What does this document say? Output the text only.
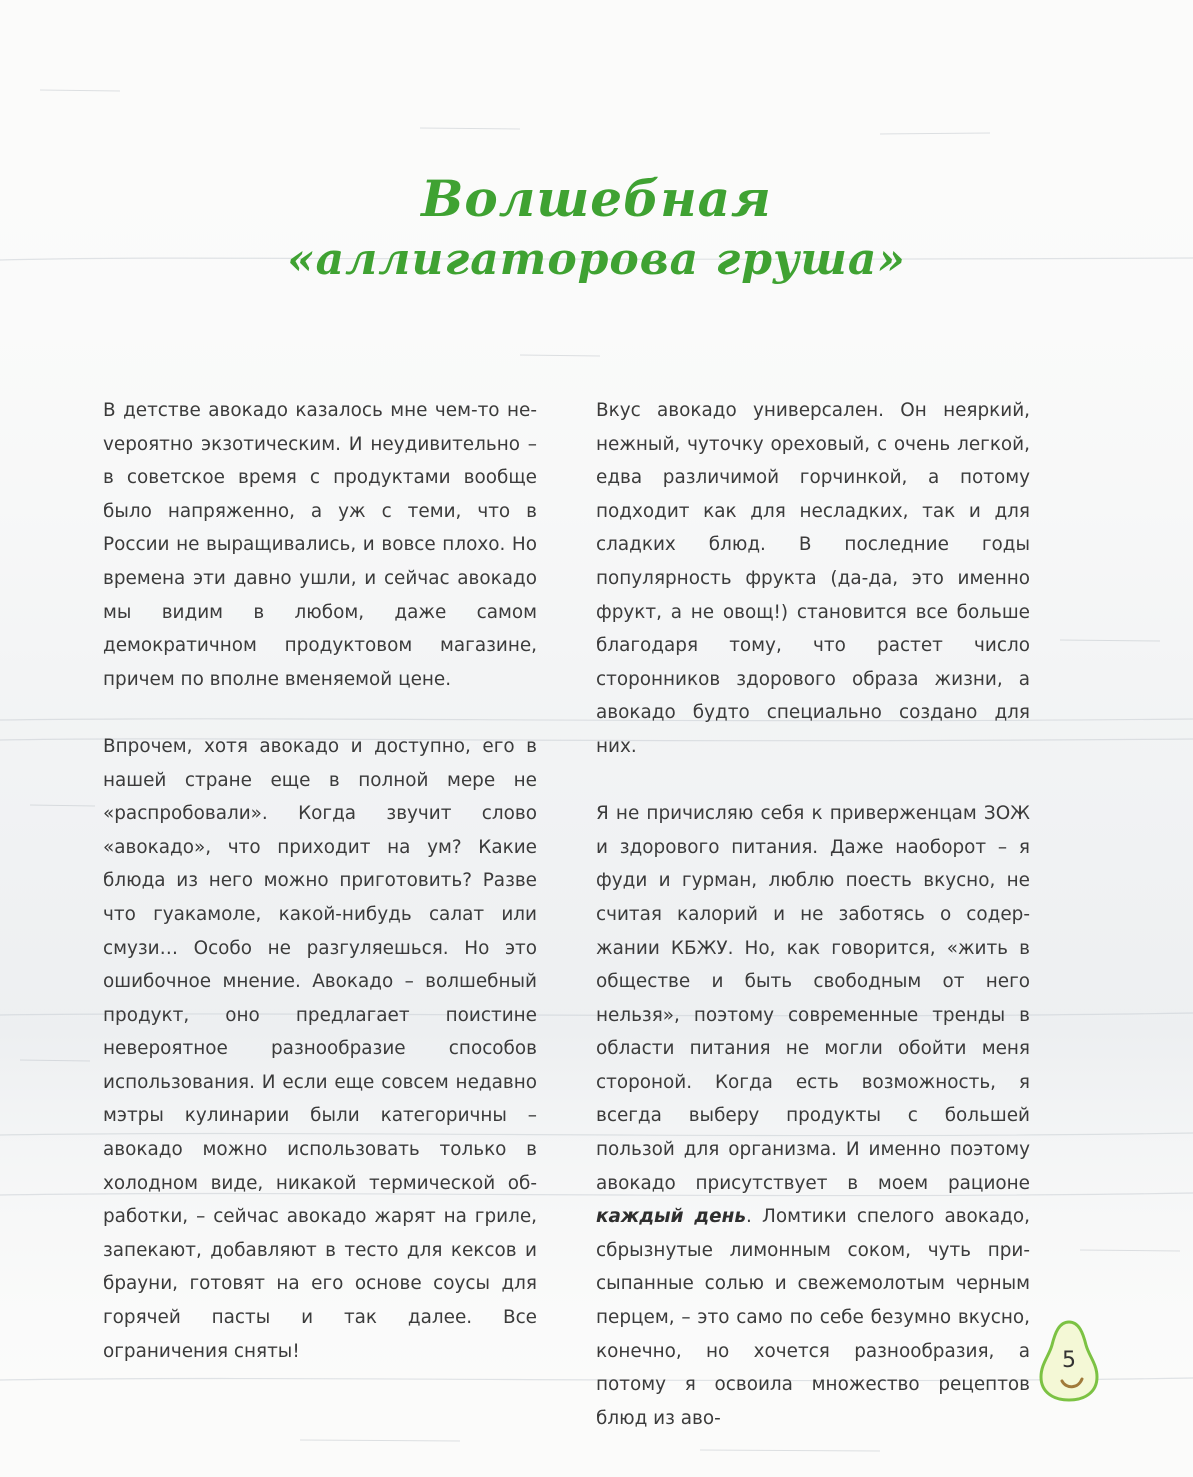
Волшебная
«аллигаторова груша»

В детстве авокадо казалось мне чем-то неvероятно экзотическим. И неудивительно – в советское время с продуктами вообще было напряженно, а уж с теми, что в России не выращивались, и вовсе плохо. Но времена эти давно ушли, и сейчас авокадо мы видим в любом, даже самом демократичном продуктовом магазине, причем по вполне вменяемой цене.

Впрочем, хотя авокадо и доступно, его в нашей стране еще в полной мере не «распробовали». Когда звучит слово «авокадо», что приходит на ум? Какие блюда из него можно приготовить? Разве что гуакамоле, какой-нибудь салат или смузи… Особо не разгуляешься. Но это ошибочное мнение. Авокадо – волшебный продукт, оно предлагает поистине невероятное разнообразие способов использования. И если еще совсем недавно мэтры кулинарии были категоричны – авокадо можно использовать только в холодном виде, никакой термической обработки, – сейчас авокадо жарят на гриле, запекают, добавляют в тесто для кексов и брауни, готовят на его основе соусы для горячей пасты и так далее. Все ограничения сняты!

Вкус авокадо универсален. Он неяркий, нежный, чуточку ореховый, с очень легкой, едва различимой горчинкой, а потому подходит как для несладких, так и для сладких блюд. В последние годы популярность фрукта (да-да, это именно фрукт, а не овощ!) становится все больше благодаря тому, что растет число сторонников здорового образа жизни, а авокадо будто специально создано для них.

Я не причисляю себя к приверженцам ЗОЖ и здорового питания. Даже наоборот – я фуди и гурман, люблю поесть вкусно, не считая калорий и не заботясь о содержании КБЖУ. Но, как говорится, «жить в обществе и быть свободным от него нельзя», поэтому современные тренды в области питания не могли обойти меня стороной. Когда есть возможность, я всегда выберу продукты с большей пользой для организма. И именно поэтому авокадо присутствует в моем рационе каждый день. Ломтики спелого авокадо, сбрызнутые лимонным соком, чуть присыпанные солью и свежемолотым черным перцем, – это само по себе безумно вкусно, конечно, но хочется разнообразия, а потому я освоила множество рецептов блюд из аво-

5
